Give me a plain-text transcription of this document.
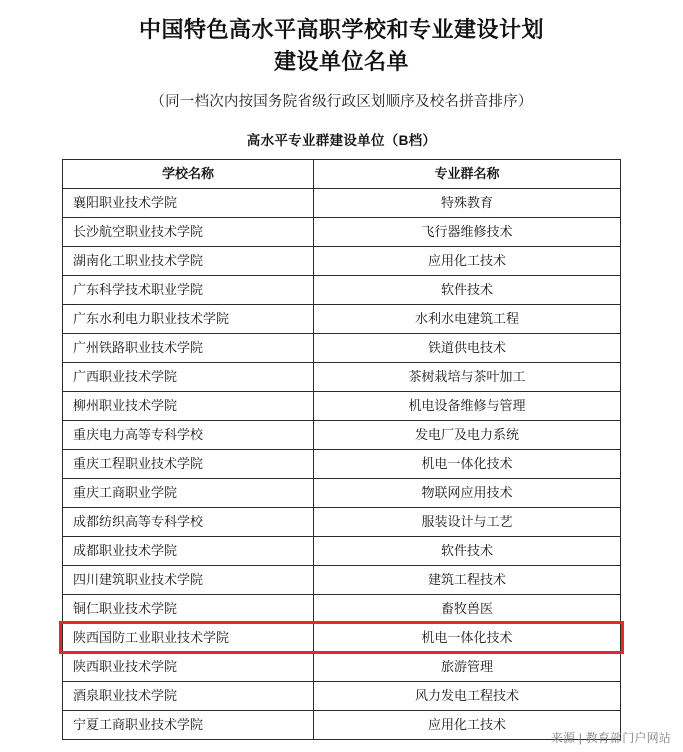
中国特色高水平高职学校和专业建设计划
建设单位名单
（同一档次内按国务院省级行政区划顺序及校名拼音排序）
高水平专业群建设单位（B档）
学校名称	专业群名称
襄阳职业技术学院	特殊教育
长沙航空职业技术学院	飞行器维修技术
湖南化工职业技术学院	应用化工技术
广东科学技术职业学院	软件技术
广东水利电力职业技术学院	水利水电建筑工程
广州铁路职业技术学院	铁道供电技术
广西职业技术学院	茶树栽培与茶叶加工
柳州职业技术学院	机电设备维修与管理
重庆电力高等专科学校	发电厂及电力系统
重庆工程职业技术学院	机电一体化技术
重庆工商职业学院	物联网应用技术
成都纺织高等专科学校	服装设计与工艺
成都职业技术学院	软件技术
四川建筑职业技术学院	建筑工程技术
铜仁职业技术学院	畜牧兽医
陕西国防工业职业技术学院	机电一体化技术
陕西职业技术学院	旅游管理
酒泉职业技术学院	风力发电工程技术
宁夏工商职业技术学院	应用化工技术
来源 | 教育部门户网站
